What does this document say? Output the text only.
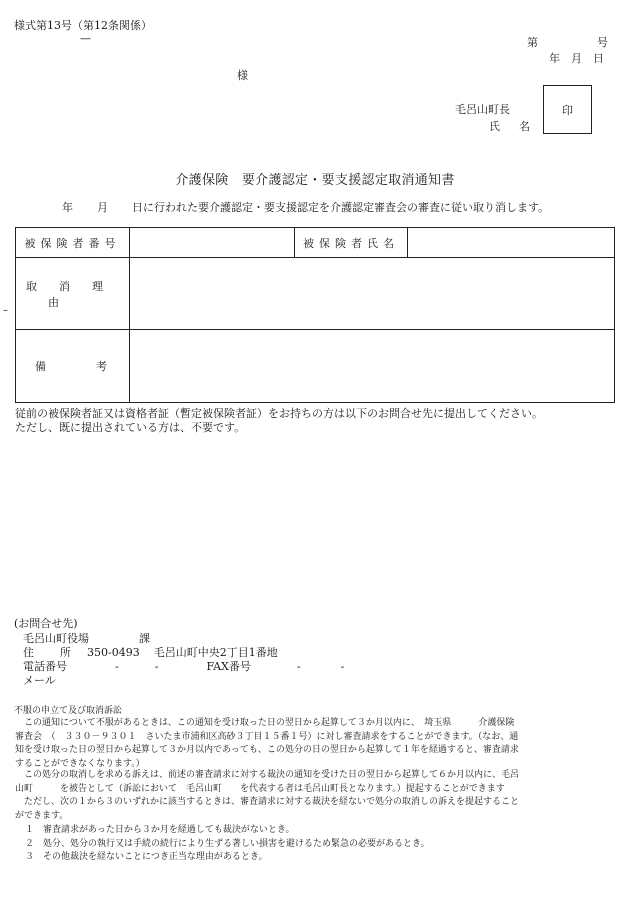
様式第13号（第12条関係）
—	第	号
年　月　日
様
毛呂山町長
氏 名
印
介護保険　要介護認定・要支援認定取消通知書
年 月 日に行われた要介護認定・要支援認定を介護認定審査会の審査に従い取り消します。
被保険者番号		被保険者氏名	
取 消 理由			
備 考			
–
従前の被保険者証又は資格者証（暫定被保険者証）をお持ちの方は以下のお問合せ先に提出してください。
ただし、既に提出されている方は、不要です。
(お問合せ先)
毛呂山町役場	課
住 所 350-0493 毛呂山町中央2丁目1番地
電話番号	-	-	FAX番号	-	-
メール
不服の申立て及び取消訴訟
　この通知について不服があるときは、この通知を受け取った日の翌日から起算して３か月以内に、　埼玉県　　　介護保険
審査会　（　３３０－９３０１　さいたま市浦和区高砂３丁目１５番１号）に対し審査請求をすることができます。（なお、通
知を受け取った日の翌日から起算して３か月以内であっても、この処分の日の翌日から起算して１年を経過すると、審査請求
することができなくなります。）
　この処分の取消しを求める訴えは、前述の審査請求に対する裁決の通知を受けた日の翌日から起算して６か月以内に、毛呂
山町　　　を被告として（訴訟において　毛呂山町　　を代表する者は毛呂山町長となります。）提起することができます
　ただし、次の１から３のいずれかに該当するときは、審査請求に対する裁決を経ないで処分の取消しの訴えを提起すること
ができます。
１　審査請求があった日から３か月を経過しても裁決がないとき。
２　処分、処分の執行又は手続の続行により生ずる著しい損害を避けるため緊急の必要があるとき。
３　その他裁決を経ないことにつき正当な理由があるとき。
